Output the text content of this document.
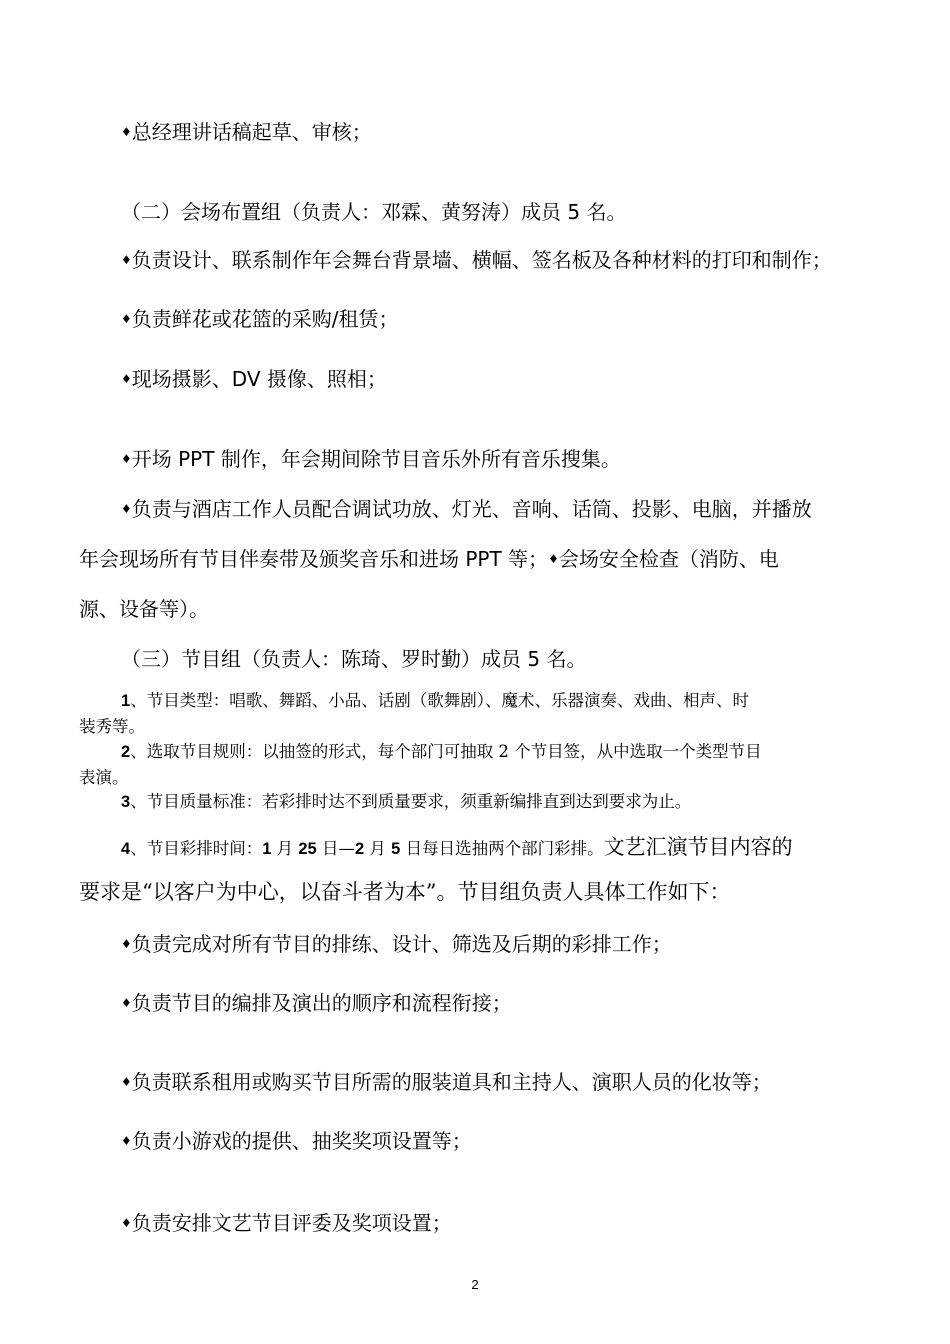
♦总经理讲话稿起草、审核；
（二）会场布置组（负责人：邓霖、黄努涛）成员 5 名。
♦负责设计、联系制作年会舞台背景墙、横幅、签名板及各种材料的打印和制作；
♦负责鲜花或花篮的采购/租赁；
♦现场摄影、DV 摄像、照相；
♦开场 PPT 制作，年会期间除节目音乐外所有音乐搜集。
♦负责与酒店工作人员配合调试功放、灯光、音响、话筒、投影、电脑，并播放
年会现场所有节目伴奏带及颁奖音乐和进场 PPT 等；♦会场安全检查（消防、电
源、设备等）。
（三）节目组（负责人：陈琦、罗时勤）成员 5 名。
1、节目类型：唱歌、舞蹈、小品、话剧（歌舞剧）、魔术、乐器演奏、戏曲、相声、时
装秀等。
2、选取节目规则：以抽签的形式，每个部门可抽取 2 个节目签，从中选取一个类型节目
表演。
3、节目质量标准：若彩排时达不到质量要求，须重新编排直到达到要求为止。
4、节目彩排时间：1 月 25 日—2 月 5 日每日选抽两个部门彩排。文艺汇演节目内容的
要求是“以客户为中心，以奋斗者为本”。节目组负责人具体工作如下：
♦负责完成对所有节目的排练、设计、筛选及后期的彩排工作；
♦负责节目的编排及演出的顺序和流程衔接；
♦负责联系租用或购买节目所需的服装道具和主持人、演职人员的化妆等；
♦负责小游戏的提供、抽奖奖项设置等；
♦负责安排文艺节目评委及奖项设置；
2
